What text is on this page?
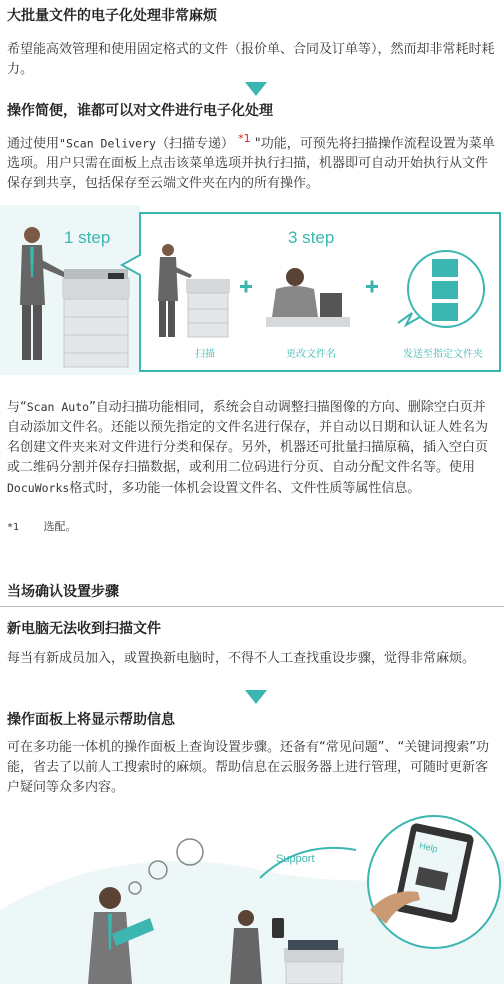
大批量文件的电子化处理非常麻烦

希望能高效管理和使用固定格式的文件（报价单、合同及订单等），然而却非常耗时耗力。

操作简便，谁都可以对文件进行电子化处理

通过使用"Scan Delivery（扫描专递） $^{*1}$ "功能，可预先将扫描操作流程设置为菜单选项。用户只需在面板上点击该菜单选项并执行扫描，机器即可自动开始执行从文件保存到共享，包括保存至云端文件夹在内的所有操作。

1 step	3 step
扫描	更改文件名	发送至指定文件夹

与“Scan Auto”自动扫描功能相同，系统会自动调整扫描图像的方向、删除空白页并自动添加文件名。还能以预先指定的文件名进行保存，并自动以日期和认证人姓名为名创建文件夹来对文件进行分类和保存。另外，机器还可批量扫描原稿，插入空白页或二维码分割并保存扫描数据，或利用二位码进行分页、自动分配文件名等。使用DocuWorks格式时，多功能一体机会设置文件名、文件性质等属性信息。

*1 选配。

当场确认设置步骤
新电脑无法收到扫描文件

每当有新成员加入，或置换新电脑时，不得不人工查找重设步骤，觉得非常麻烦。

操作面板上将显示帮助信息

可在多功能一体机的操作面板上查询设置步骤。还备有“常见问题”、“关键词搜索”功能，省去了以前人工搜索时的麻烦。帮助信息在云服务器上进行管理，可随时更新客户疑问等众多内容。

Support
Help
